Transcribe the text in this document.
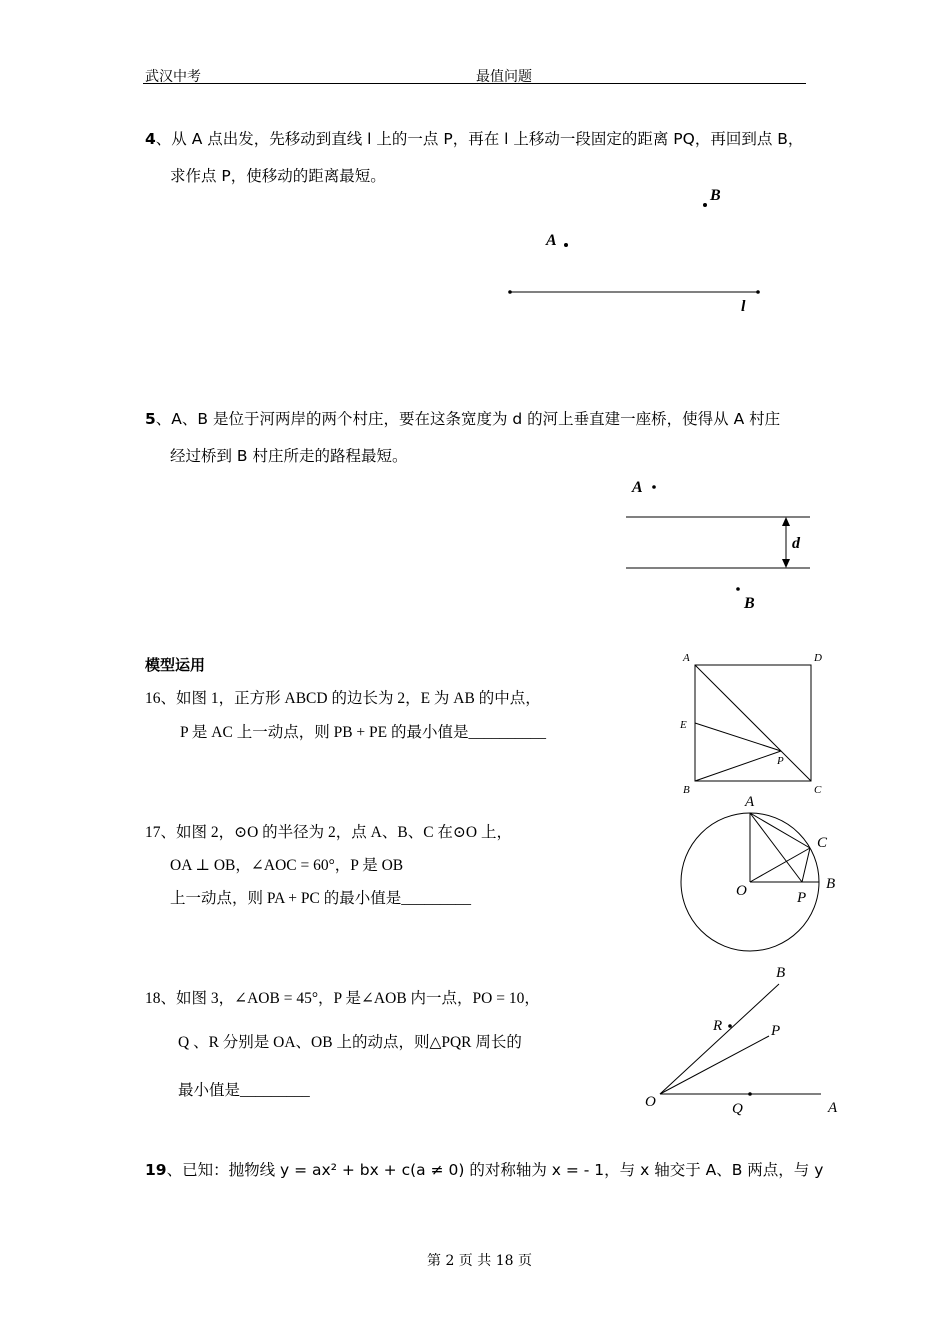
武汉中考	最值问题
4、从 A 点出发，先移动到直线 l 上的一点 P，再在 l 上移动一段固定的距离 PQ，再回到点 B，
求作点 P，使移动的距离最短。
B
A
l
5、A、B 是位于河两岸的两个村庄，要在这条宽度为 d 的河上垂直建一座桥，使得从 A 村庄
经过桥到 B 村庄所走的路程最短。
A
d
B
模型运用
16、如图 1，正方形 ABCD 的边长为 2，E 为 AB 的中点，
P 是 AC 上一动点，则 PB + PE 的最小值是__________
A	D
E
P
B	C
17、如图 2，⊙O 的半径为 2，点 A、B、C 在⊙O 上，
OA ⊥ OB，∠AOC = 60°，P 是 OB
上一动点，则 PA + PC 的最小值是_________
A
C
B
O	P
18、如图 3，∠AOB = 45°，P 是∠AOB 内一点，PO = 10，
Q 、R 分别是 OA、OB 上的动点，则△PQR 周长的
最小值是_________
B
R	P
O	Q	A
19、已知：抛物线 y = ax² + bx + c(a ≠ 0) 的对称轴为 x = - 1，与 x 轴交于 A、B 两点，与 y
第 2 页 共 18 页
